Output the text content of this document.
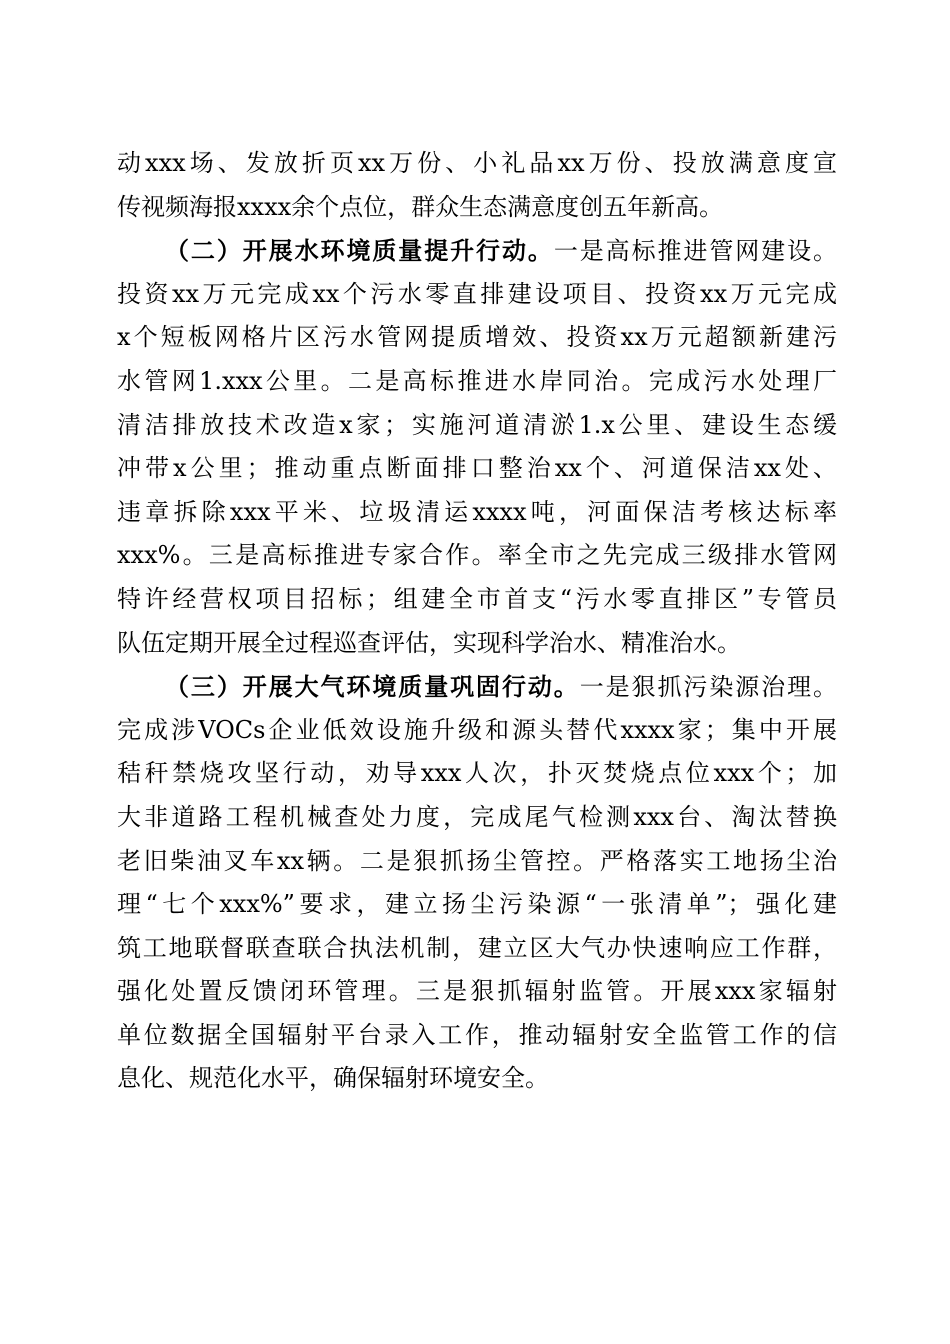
动xxx场、发放折页xx万份、小礼品xx万份、投放满意度宣
传视频海报xxxx余个点位，群众生态满意度创五年新高。
（二）开展水环境质量提升行动。一是高标推进管网建设。
投资xx万元完成xx个污水零直排建设项目、投资xx万元完成
x个短板网格片区污水管网提质增效、投资xx万元超额新建污
水管网1.xxx公里。二是高标推进水岸同治。完成污水处理厂
清洁排放技术改造x家；实施河道清淤1.x公里、建设生态缓
冲带x公里；推动重点断面排口整治xx个、河道保洁xx处、
违章拆除xxx平米、垃圾清运xxxx吨，河面保洁考核达标率
xxx%。三是高标推进专家合作。率全市之先完成三级排水管网
特许经营权项目招标；组建全市首支“污水零直排区”专管员
队伍定期开展全过程巡查评估，实现科学治水、精准治水。
（三）开展大气环境质量巩固行动。一是狠抓污染源治理。
完成涉VOCs企业低效设施升级和源头替代xxxx家；集中开展
秸秆禁烧攻坚行动，劝导xxx人次，扑灭焚烧点位xxx个；加
大非道路工程机械查处力度，完成尾气检测xxx台、淘汰替换
老旧柴油叉车xx辆。二是狠抓扬尘管控。严格落实工地扬尘治
理“七个xxx%”要求，建立扬尘污染源“一张清单”；强化建
筑工地联督联查联合执法机制，建立区大气办快速响应工作群，
强化处置反馈闭环管理。三是狠抓辐射监管。开展xxx家辐射
单位数据全国辐射平台录入工作，推动辐射安全监管工作的信
息化、规范化水平，确保辐射环境安全。
